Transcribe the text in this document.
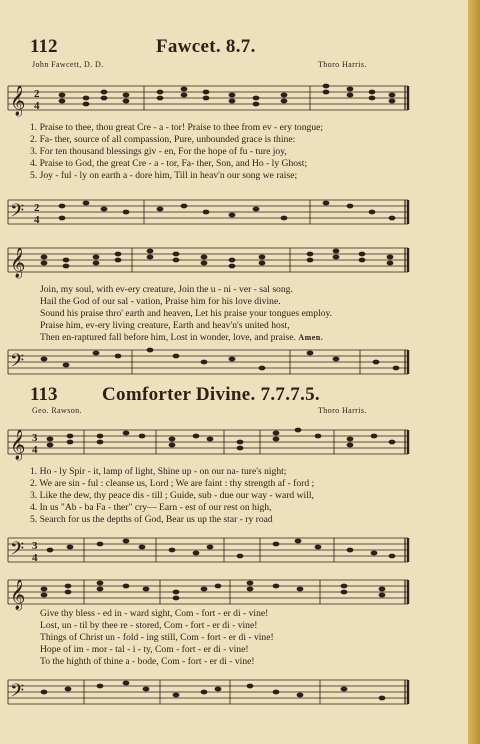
112	Fawcet. 8.7.
John Fawcett, D. D.	Thoro Harris.
𝄞 2
4
1. Praise to thee, thou great Cre - a - tor! Praise to thee from ev - ery tongue;
2. Fa- ther, source of all compassion, Pure, unbounded grace is thine:
3. For ten thousand blessings giv - en, For the hope of fu - ture joy,
4. Praise to God, the great Cre - a - tor, Fa- ther, Son, and Ho - ly Ghost;
5. Joy - ful - ly on earth a - dore him, Till in heav'n our song we raise;
𝄢 2
4
𝄞
Join, my soul, with ev-ery creature, Join the u - ni - ver - sal song.
Hail the God of our sal - vation, Praise him for his love divine.
Sound his praise thro' earth and heaven, Let his praise your tongues employ.
Praise him, ev-ery living creature, Earth and heav'n's united host,
Then en-raptured fall before him, Lost in wonder, love, and praise. Amen.
𝄢
113 Comforter Divine. 7.7.7.5.
Geo. Rawson.	Thoro Harris.
𝄞 3
4
1. Ho - ly Spir - it, lamp of light, Shine up - on our na- ture's night;
2. We are sin - ful : cleanse us, Lord ; We are faint : thy strength af - ford ;
3. Like the dew, thy peace dis - till ; Guide, sub - due our way - ward will,
4. In us "Ab - ba Fa - ther" cry— Earn - est of our rest on high,
5. Search for us the depths of God, Bear us up the star - ry road
𝄢 3
4
𝄞
Give thy bless - ed in - ward sight, Com - fort - er di - vine!
Lost, un - til by thee re - stored, Com - fort - er di - vine!
Things of Christ un - fold - ing still, Com - fort - er di - vine!
Hope of im - mor - tal - i - ty, Com - fort - er di - vine!
To the highth of thine a - bode, Com - fort - er di - vine!
𝄢
